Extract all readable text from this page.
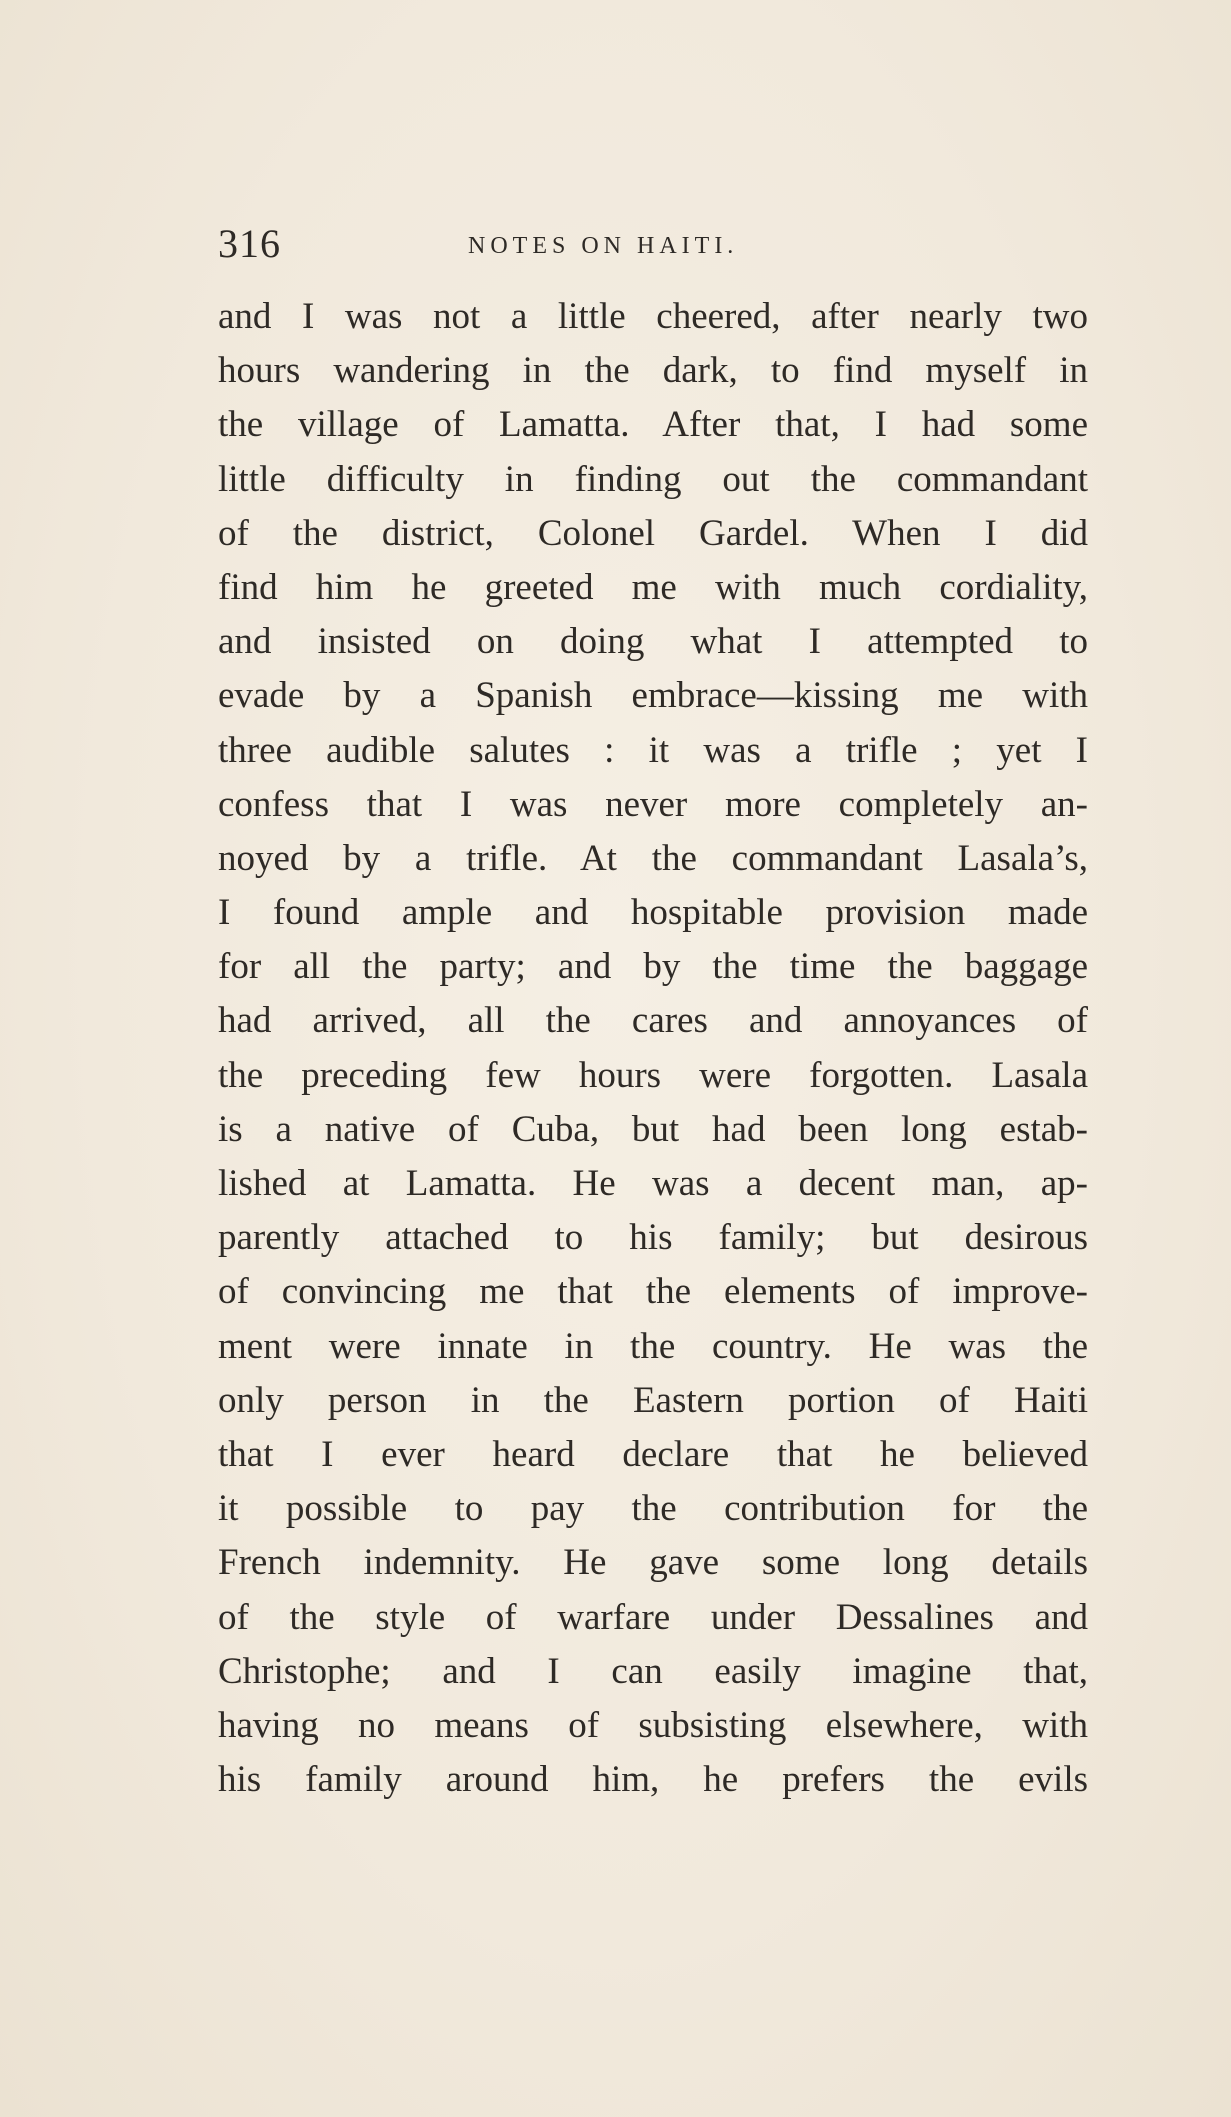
316	NOTES ON HAITI.
and I was not a little cheered, after nearly two
hours wandering in the dark, to find myself in
the village of Lamatta. After that, I had some
little difficulty in finding out the commandant
of the district, Colonel Gardel. When I did
find him he greeted me with much cordiality,
and insisted on doing what I attempted to
evade by a Spanish embrace—kissing me with
three audible salutes : it was a trifle ; yet I
confess that I was never more completely an-
noyed by a trifle. At the commandant Lasala’s,
I found ample and hospitable provision made
for all the party; and by the time the baggage
had arrived, all the cares and annoyances of
the preceding few hours were forgotten. Lasala
is a native of Cuba, but had been long estab-
lished at Lamatta. He was a decent man, ap-
parently attached to his family; but desirous
of convincing me that the elements of improve-
ment were innate in the country. He was the
only person in the Eastern portion of Haiti
that I ever heard declare that he believed
it possible to pay the contribution for the
French indemnity. He gave some long details
of the style of warfare under Dessalines and
Christophe; and I can easily imagine that,
having no means of subsisting elsewhere, with
his family around him, he prefers the evils
